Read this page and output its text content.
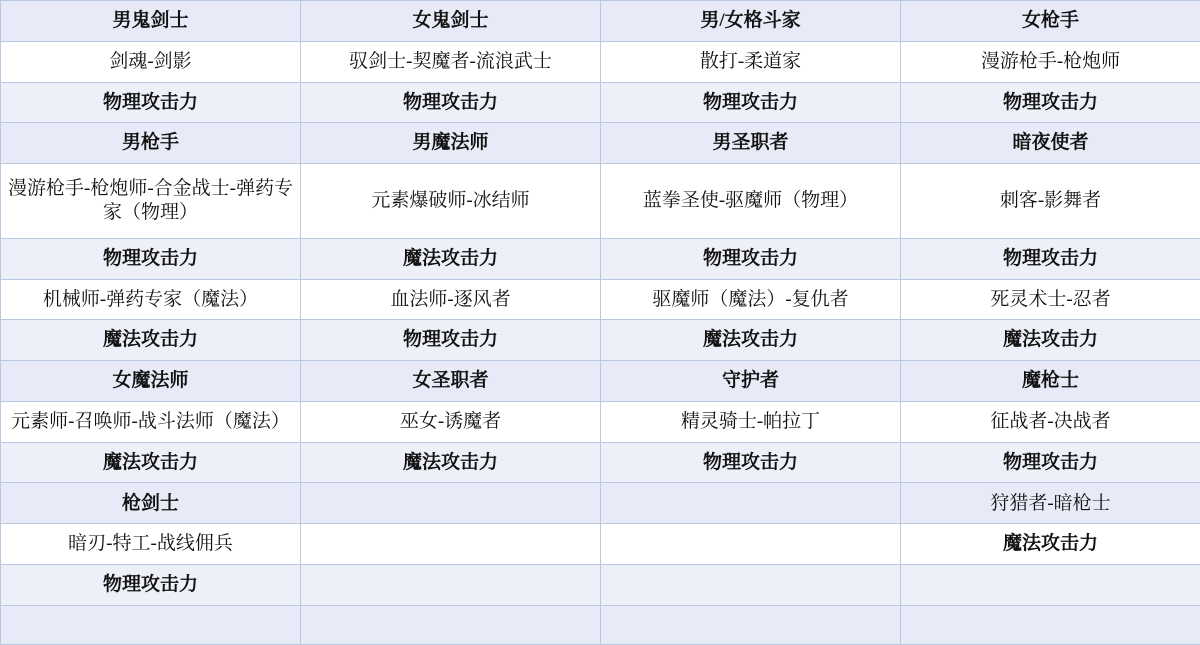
男鬼剑士	女鬼剑士	男/女格斗家	女枪手
剑魂-剑影	驭剑士-契魔者-流浪武士	散打-柔道家	漫游枪手-枪炮师
物理攻击力	物理攻击力	物理攻击力	物理攻击力
男枪手	男魔法师	男圣职者	暗夜使者
漫游枪手-枪炮师-合金战士-弹药专家（物理）	元素爆破师-冰结师	蓝拳圣使-驱魔师（物理）	刺客-影舞者
物理攻击力	魔法攻击力	物理攻击力	物理攻击力
机械师-弹药专家（魔法）	血法师-逐风者	驱魔师（魔法）-复仇者	死灵术士-忍者
魔法攻击力	物理攻击力	魔法攻击力	魔法攻击力
女魔法师	女圣职者	守护者	魔枪士
元素师-召唤师-战斗法师（魔法）	巫女-诱魔者	精灵骑士-帕拉丁	征战者-决战者
魔法攻击力	魔法攻击力	物理攻击力	物理攻击力
枪剑士			狩猎者-暗枪士
暗刃-特工-战线佣兵			魔法攻击力
物理攻击力			
